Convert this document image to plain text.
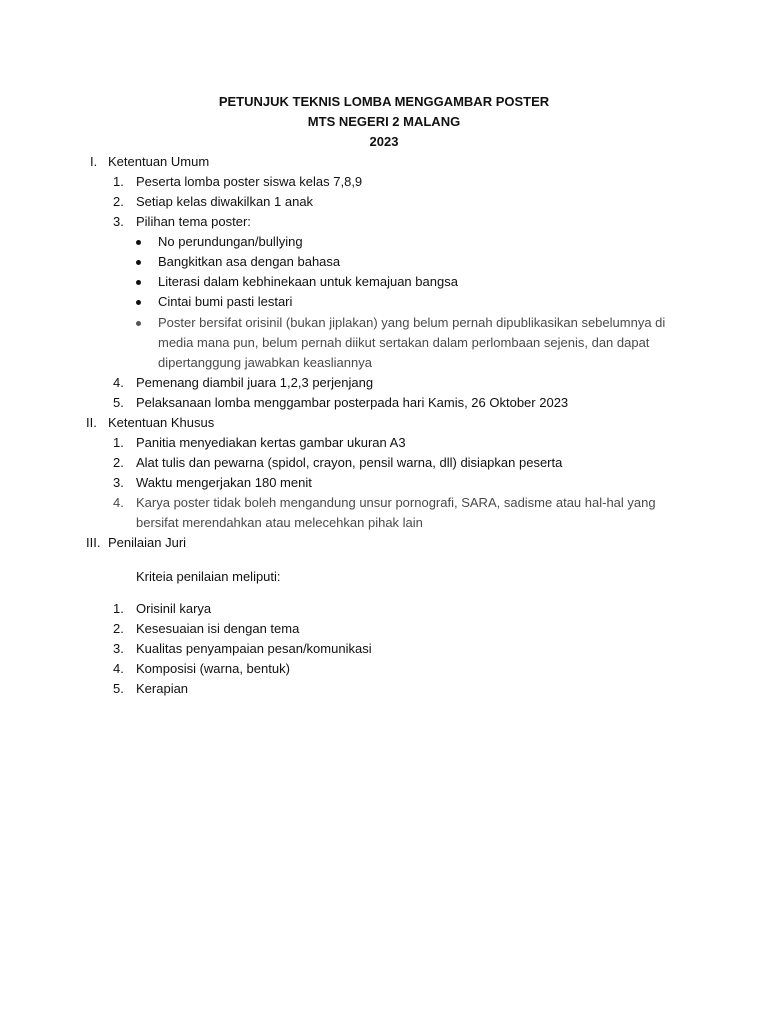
PETUNJUK TEKNIS LOMBA MENGGAMBAR POSTER
MTS NEGERI 2 MALANG
2023
I. Ketentuan Umum
1. Peserta lomba poster siswa kelas 7,8,9
2. Setiap kelas diwakilkan 1 anak
3. Pilihan tema poster:
No perundungan/bullying
Bangkitkan asa dengan bahasa
Literasi dalam kebhinekaan untuk kemajuan bangsa
Cintai bumi pasti lestari
Poster bersifat orisinil (bukan jiplakan) yang belum pernah dipublikasikan sebelumnya di
media mana pun, belum pernah diikut sertakan dalam perlombaan sejenis, dan dapat
dipertanggung jawabkan keasliannya
4. Pemenang diambil juara 1,2,3 perjenjang
5. Pelaksanaan lomba menggambar posterpada hari Kamis, 26 Oktober 2023
II. Ketentuan Khusus
1. Panitia menyediakan kertas gambar ukuran A3
2. Alat tulis dan pewarna (spidol, crayon, pensil warna, dll) disiapkan peserta
3. Waktu mengerjakan 180 menit
4. Karya poster tidak boleh mengandung unsur pornografi, SARA, sadisme atau hal-hal yang
bersifat merendahkan atau melecehkan pihak lain
III. Penilaian Juri
Kriteia penilaian meliputi:
1. Orisinil karya
2. Kesesuaian isi dengan tema
3. Kualitas penyampaian pesan/komunikasi
4. Komposisi (warna, bentuk)
5. Kerapian
